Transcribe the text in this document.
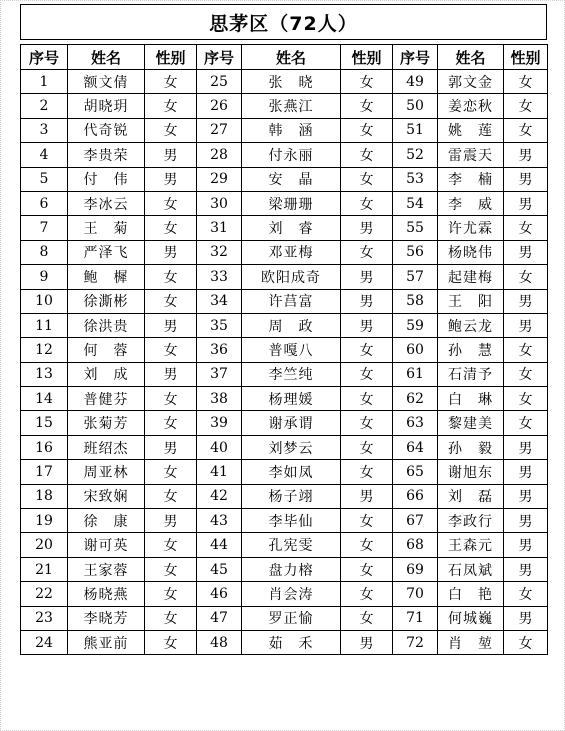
思茅区（72人）
序号	姓名	性别	序号	姓名	性别	序号	姓名	性别
1	额文倩	女	25	张　晓	女	49	郭文金	女
2	胡晓玥	女	26	张燕江	女	50	姜恋秋	女
3	代奇锐	女	27	韩　涵	女	51	姚　莲	女
4	李贵荣	男	28	付永丽	女	52	雷震天	男
5	付　伟	男	29	安　晶	女	53	李　楠	男
6	李冰云	女	30	梁珊珊	女	54	李　威	男
7	王　菊	女	31	刘　睿	男	55	许尤霖	女
8	严泽飞	男	32	邓亚梅	女	56	杨晓伟	男
9	鲍　樨	女	33	欧阳成奇	男	57	起建梅	女
10	徐澌彬	女	34	许莒富	男	58	王　阳	男
11	徐洪贵	男	35	周　政	男	59	鲍云龙	男
12	何　蓉	女	36	普嘎八	女	60	孙　慧	女
13	刘　成	男	37	李竺纯	女	61	石清予	女
14	普健芬	女	38	杨理媛	女	62	白　琳	女
15	张菊芳	女	39	谢承谓	女	63	黎建美	女
16	班绍杰	男	40	刘梦云	女	64	孙　毅	男
17	周亚林	女	41	李如凤	女	65	谢旭东	男
18	宋致娴	女	42	杨子翊	男	66	刘　磊	男
19	徐　康	男	43	李毕仙	女	67	李政行	男
20	谢可英	女	44	孔宪雯	女	68	王森元	男
21	王家蓉	女	45	盘力榕	女	69	石凤斌	男
22	杨晓燕	女	46	肖会涛	女	70	白　艳	女
23	李晓芳	女	47	罗正愉	女	71	何城巍	男
24	熊亚前	女	48	茹　禾	男	72	肖　堃	女
